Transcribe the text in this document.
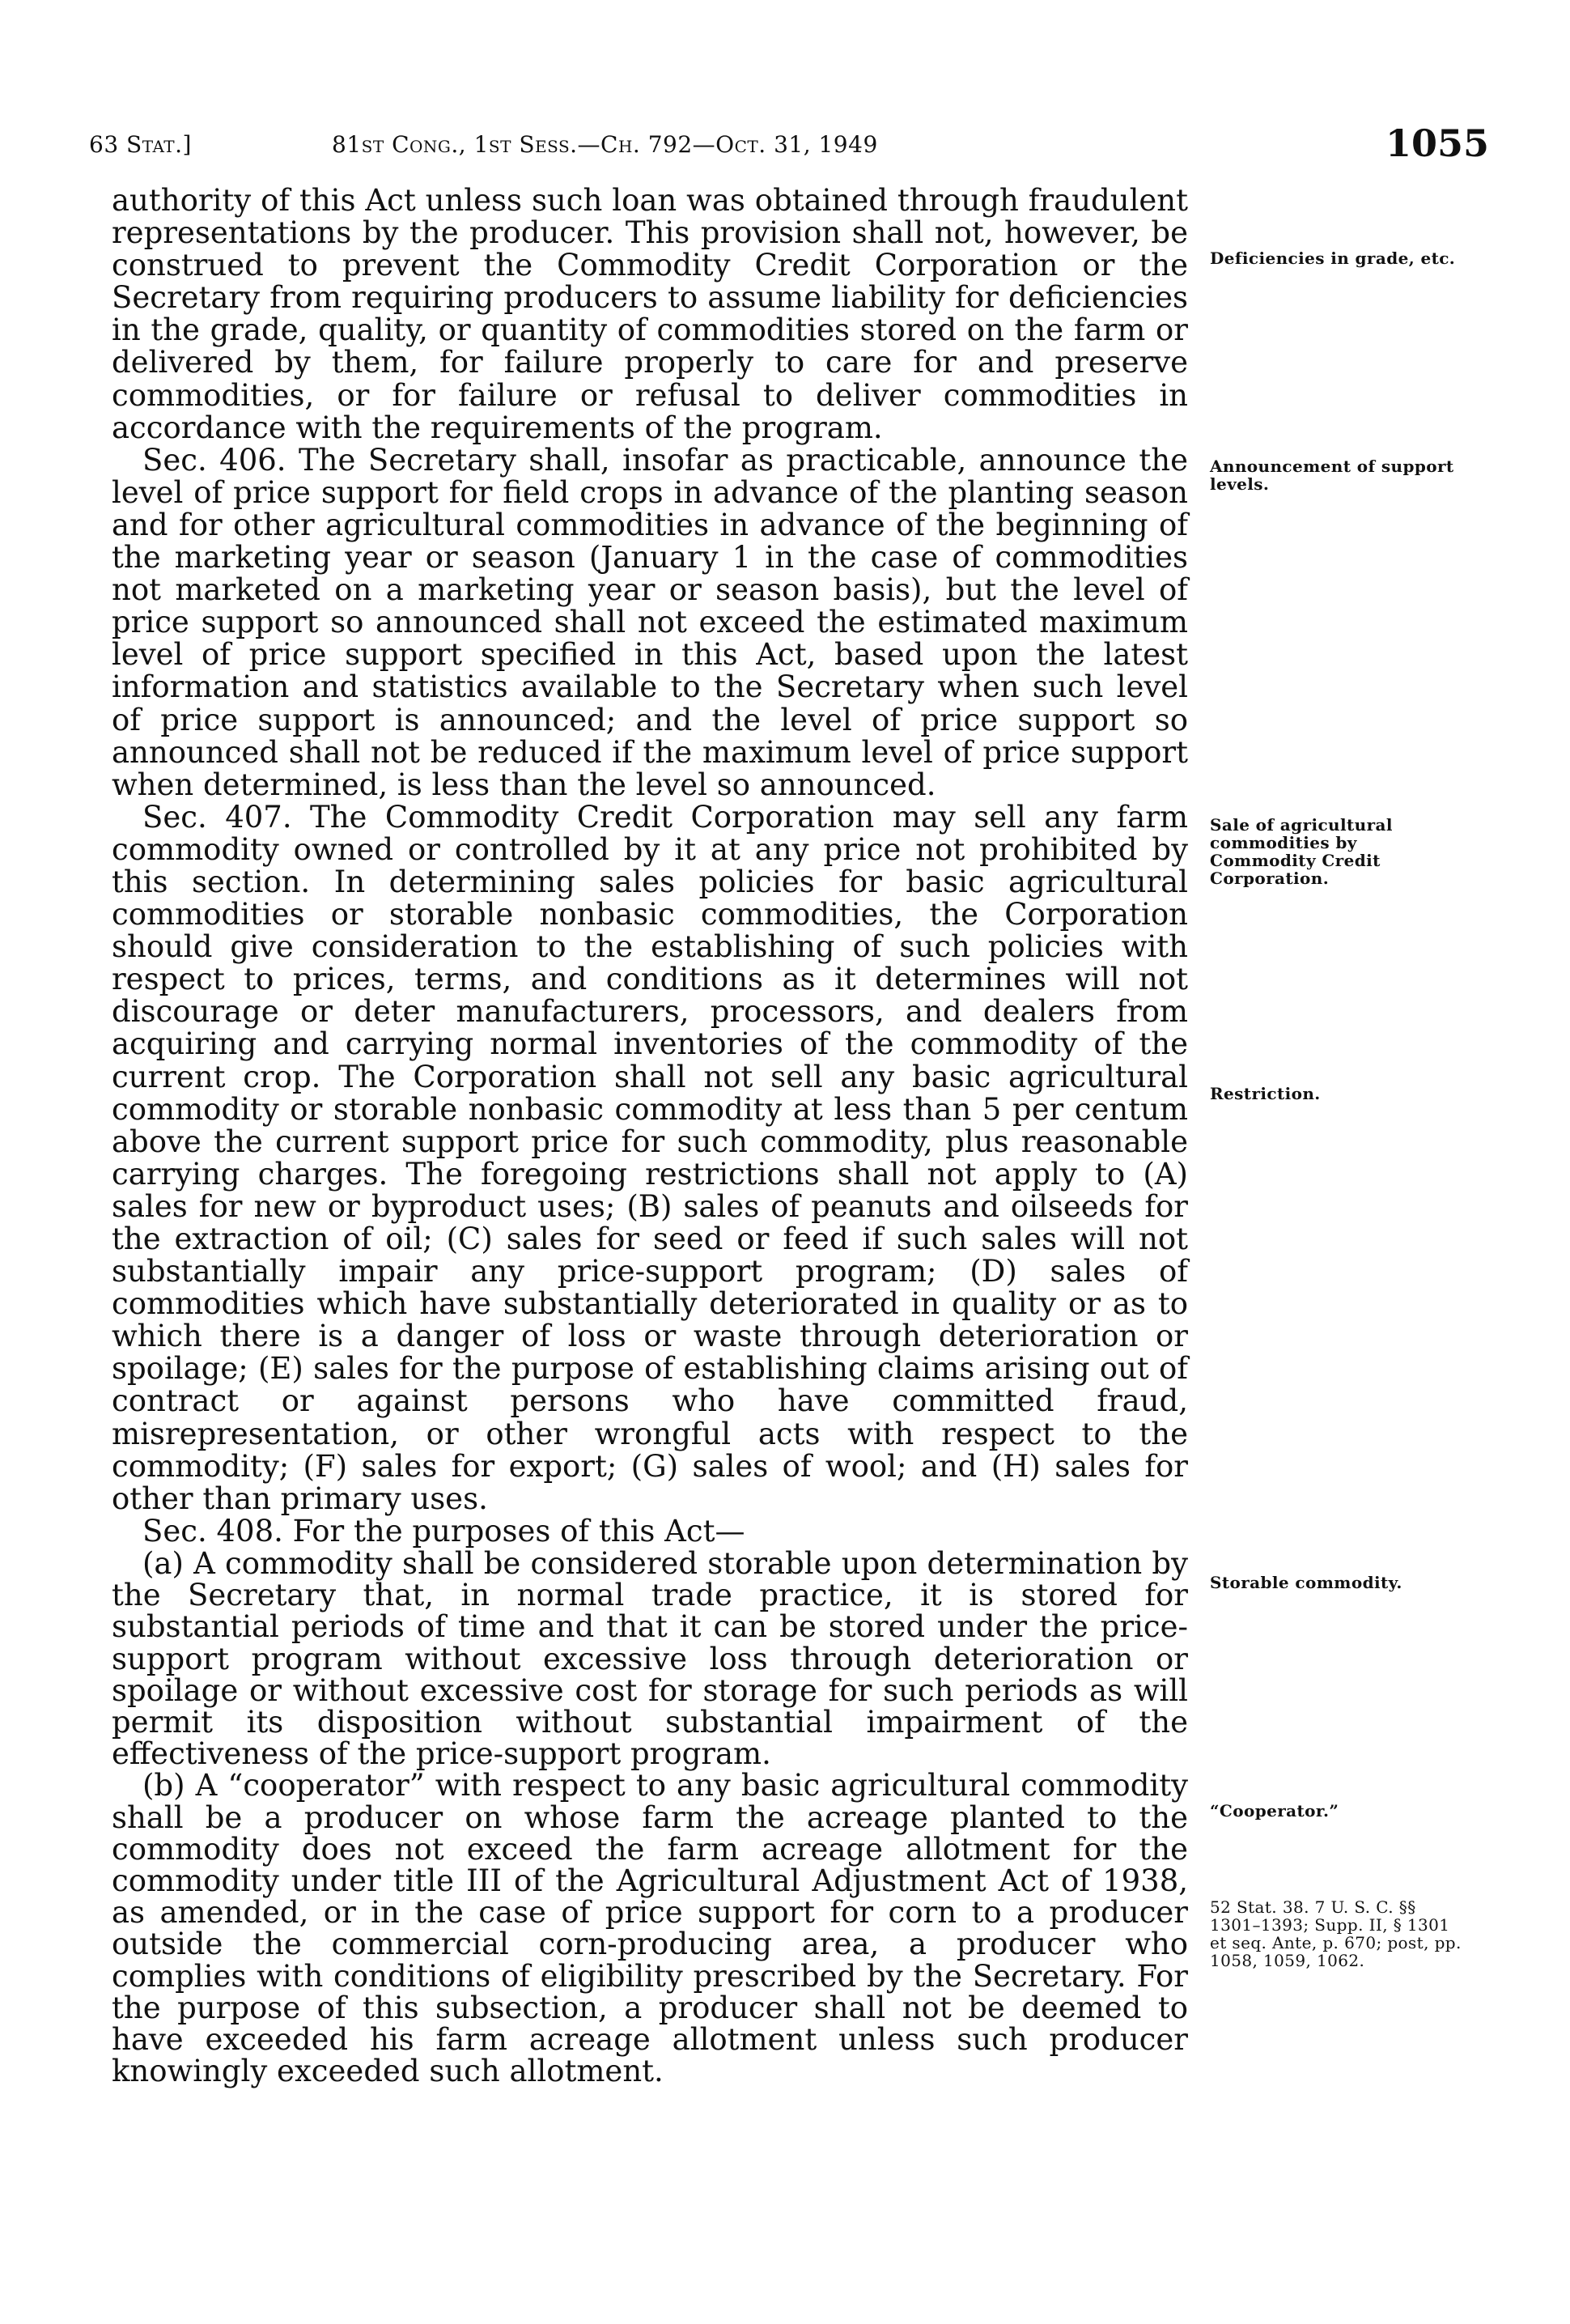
63 Stat.]	81st Cong., 1st Sess.—Ch. 792—Oct. 31, 1949	1055

authority of this Act unless such loan was obtained through fraudulent representations by the producer. This provision shall not, however, be construed to prevent the Commodity Credit Corporation or the Secretary from requiring producers to assume liability for deficiencies in the grade, quality, or quantity of commodities stored on the farm or delivered by them, for failure properly to care for and preserve commodities, or for failure or refusal to deliver commodities in accordance with the requirements of the program.

Sec. 406. The Secretary shall, insofar as practicable, announce the level of price support for field crops in advance of the planting season and for other agricultural commodities in advance of the beginning of the marketing year or season (January 1 in the case of commodities not marketed on a marketing year or season basis), but the level of price support so announced shall not exceed the estimated maximum level of price support specified in this Act, based upon the latest information and statistics available to the Secretary when such level of price support is announced; and the level of price support so announced shall not be reduced if the maximum level of price support when determined, is less than the level so announced.

Sec. 407. The Commodity Credit Corporation may sell any farm commodity owned or controlled by it at any price not prohibited by this section. In determining sales policies for basic agricultural commodities or storable nonbasic commodities, the Corporation should give consideration to the establishing of such policies with respect to prices, terms, and conditions as it determines will not discourage or deter manufacturers, processors, and dealers from acquiring and carrying normal inventories of the commodity of the current crop. The Corporation shall not sell any basic agricultural commodity or storable nonbasic commodity at less than 5 per centum above the current support price for such commodity, plus reasonable carrying charges. The foregoing restrictions shall not apply to (A) sales for new or byproduct uses; (B) sales of peanuts and oilseeds for the extraction of oil; (C) sales for seed or feed if such sales will not substantially impair any price-support program; (D) sales of commodities which have substantially deteriorated in quality or as to which there is a danger of loss or waste through deterioration or spoilage; (E) sales for the purpose of establishing claims arising out of contract or against persons who have committed fraud, misrepresentation, or other wrongful acts with respect to the commodity; (F) sales for export; (G) sales of wool; and (H) sales for other than primary uses.

Sec. 408. For the purposes of this Act—

(a) A commodity shall be considered storable upon determination by the Secretary that, in normal trade practice, it is stored for substantial periods of time and that it can be stored under the price-support program without excessive loss through deterioration or spoilage or without excessive cost for storage for such periods as will permit its disposition without substantial impairment of the effectiveness of the price-support program.

(b) A “cooperator” with respect to any basic agricultural commodity shall be a producer on whose farm the acreage planted to the commodity does not exceed the farm acreage allotment for the commodity under title III of the Agricultural Adjustment Act of 1938, as amended, or in the case of price support for corn to a producer outside the commercial corn-producing area, a producer who complies with conditions of eligibility prescribed by the Secretary. For the purpose of this subsection, a producer shall not be deemed to have exceeded his farm acreage allotment unless such producer knowingly exceeded such allotment.

Deficiencies in grade, etc.
Announcement of support levels.
Sale of agricultural commodities by Commodity Credit Corporation.
Restriction.
Storable commodity.
“Cooperator.”
52 Stat. 38. 7 U. S. C. §§ 1301–1393; Supp. II, § 1301 et seq. Ante, p. 670; post, pp. 1058, 1059, 1062.
